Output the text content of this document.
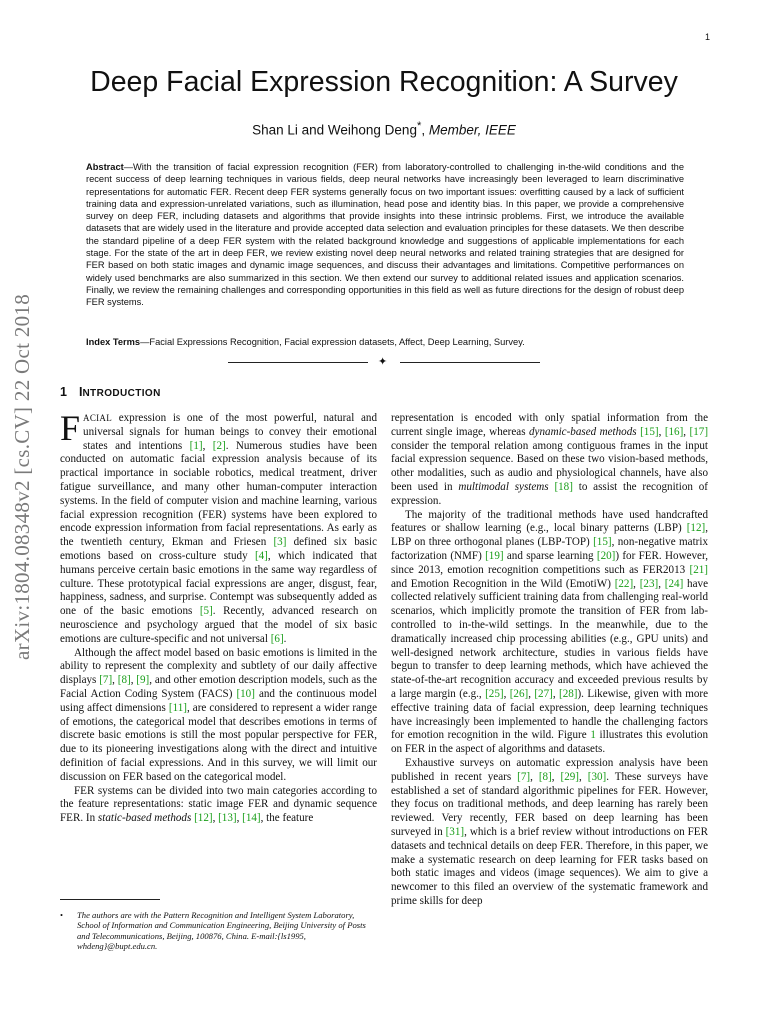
1
arXiv:1804.08348v2 [cs.CV] 22 Oct 2018
Deep Facial Expression Recognition: A Survey
Shan Li and Weihong Deng*, Member, IEEE

Abstract—With the transition of facial expression recognition (FER) from laboratory-controlled to challenging in-the-wild conditions and the recent success of deep learning techniques in various fields, deep neural networks have increasingly been leveraged to learn discriminative representations for automatic FER. Recent deep FER systems generally focus on two important issues: overfitting caused by a lack of sufficient training data and expression-unrelated variations, such as illumination, head pose and identity bias. In this paper, we provide a comprehensive survey on deep FER, including datasets and algorithms that provide insights into these intrinsic problems. First, we introduce the available datasets that are widely used in the literature and provide accepted data selection and evaluation principles for these datasets. We then describe the standard pipeline of a deep FER system with the related background knowledge and suggestions of applicable implementations for each stage. For the state of the art in deep FER, we review existing novel deep neural networks and related training strategies that are designed for FER based on both static images and dynamic image sequences, and discuss their advantages and limitations. Competitive performances on widely used benchmarks are also summarized in this section. We then extend our survey to additional related issues and application scenarios. Finally, we review the remaining challenges and corresponding opportunities in this field as well as future directions for the design of robust deep FER systems.

Index Terms—Facial Expressions Recognition, Facial expression datasets, Affect, Deep Learning, Survey.

✦
1 INTRODUCTION

FACIAL expression is one of the most powerful, natural and universal signals for human beings to convey their emotional states and intentions [1], [2]. Numerous studies have been conducted on automatic facial expression analysis because of its practical importance in sociable robotics, medical treatment, driver fatigue surveillance, and many other human-computer interaction systems. In the field of computer vision and machine learning, various facial expression recognition (FER) systems have been explored to encode expression information from facial representations. As early as the twentieth century, Ekman and Friesen [3] defined six basic emotions based on cross-culture study [4], which indicated that humans perceive certain basic emotions in the same way regardless of culture. These prototypical facial expressions are anger, disgust, fear, happiness, sadness, and surprise. Contempt was subsequently added as one of the basic emotions [5]. Recently, advanced research on neuroscience and psychology argued that the model of six basic emotions are culture-specific and not universal [6].

Although the affect model based on basic emotions is limited in the ability to represent the complexity and subtlety of our daily affective displays [7], [8], [9], and other emotion description models, such as the Facial Action Coding System (FACS) [10] and the continuous model using affect dimensions [11], are considered to represent a wider range of emotions, the categorical model that describes emotions in terms of discrete basic emotions is still the most popular perspective for FER, due to its pioneering investigations along with the direct and intuitive definition of facial expressions. And in this survey, we will limit our discussion on FER based on the categorical model.

FER systems can be divided into two main categories according to the feature representations: static image FER and dynamic sequence FER. In static-based methods [12], [13], [14], the feature

representation is encoded with only spatial information from the current single image, whereas dynamic-based methods [15], [16], [17] consider the temporal relation among contiguous frames in the input facial expression sequence. Based on these two vision-based methods, other modalities, such as audio and physiological channels, have also been used in multimodal systems [18] to assist the recognition of expression.

The majority of the traditional methods have used handcrafted features or shallow learning (e.g., local binary patterns (LBP) [12], LBP on three orthogonal planes (LBP-TOP) [15], non-negative matrix factorization (NMF) [19] and sparse learning [20]) for FER. However, since 2013, emotion recognition competitions such as FER2013 [21] and Emotion Recognition in the Wild (EmotiW) [22], [23], [24] have collected relatively sufficient training data from challenging real-world scenarios, which implicitly promote the transition of FER from lab-controlled to in-the-wild settings. In the meanwhile, due to the dramatically increased chip processing abilities (e.g., GPU units) and well-designed network architecture, studies in various fields have begun to transfer to deep learning methods, which have achieved the state-of-the-art recognition accuracy and exceeded previous results by a large margin (e.g., [25], [26], [27], [28]). Likewise, given with more effective training data of facial expression, deep learning techniques have increasingly been implemented to handle the challenging factors for emotion recognition in the wild. Figure 1 illustrates this evolution on FER in the aspect of algorithms and datasets.

Exhaustive surveys on automatic expression analysis have been published in recent years [7], [8], [29], [30]. These surveys have established a set of standard algorithmic pipelines for FER. However, they focus on traditional methods, and deep learning has rarely been reviewed. Very recently, FER based on deep learning has been surveyed in [31], which is a brief review without introductions on FER datasets and technical details on deep FER. Therefore, in this paper, we make a systematic research on deep learning for FER tasks based on both static images and videos (image sequences). We aim to give a newcomer to this filed an overview of the systematic framework and prime skills for deep

• The authors are with the Pattern Recognition and Intelligent System Laboratory, School of Information and Communication Engineering, Beijing University of Posts and Telecommunications, Beijing, 100876, China. E-mail:{ls1995, whdeng}@bupt.edu.cn.
